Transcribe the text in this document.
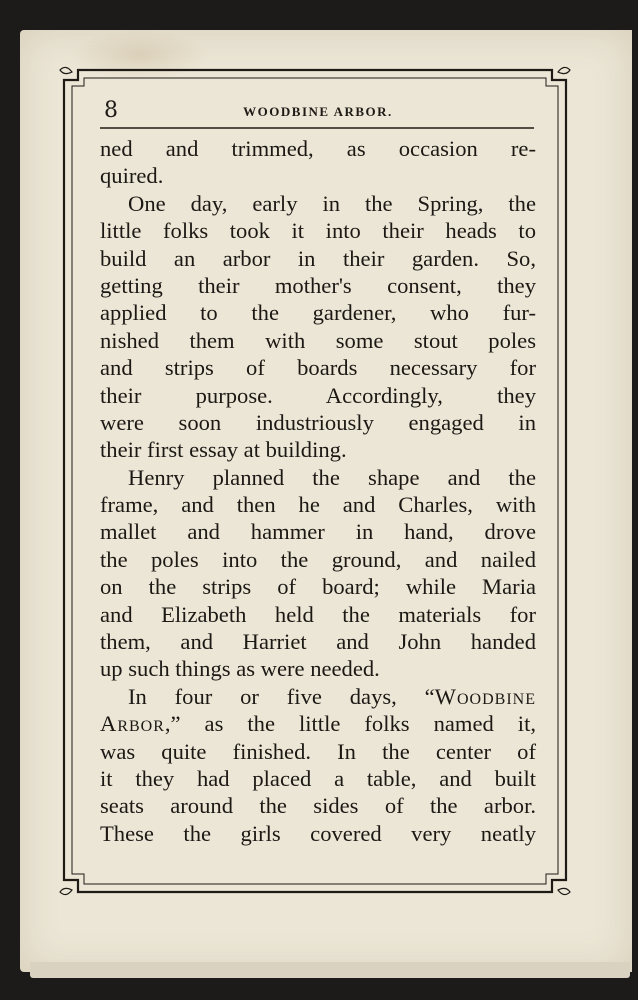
8	WOODBINE ARBOR.
ned and trimmed, as occasion re-
quired.
One day, early in the Spring, the
little folks took it into their heads to
build an arbor in their garden. So,
getting their mother's consent, they
applied to the gardener, who fur-
nished them with some stout poles
and strips of boards necessary for
their purpose. Accordingly, they
were soon industriously engaged in
their first essay at building.
Henry planned the shape and the
frame, and then he and Charles, with
mallet and hammer in hand, drove
the poles into the ground, and nailed
on the strips of board; while Maria
and Elizabeth held the materials for
them, and Harriet and John handed
up such things as were needed.
In four or five days, “Woodbine
Arbor,” as the little folks named it,
was quite finished. In the center of
it they had placed a table, and built
seats around the sides of the arbor.
These the girls covered very neatly
